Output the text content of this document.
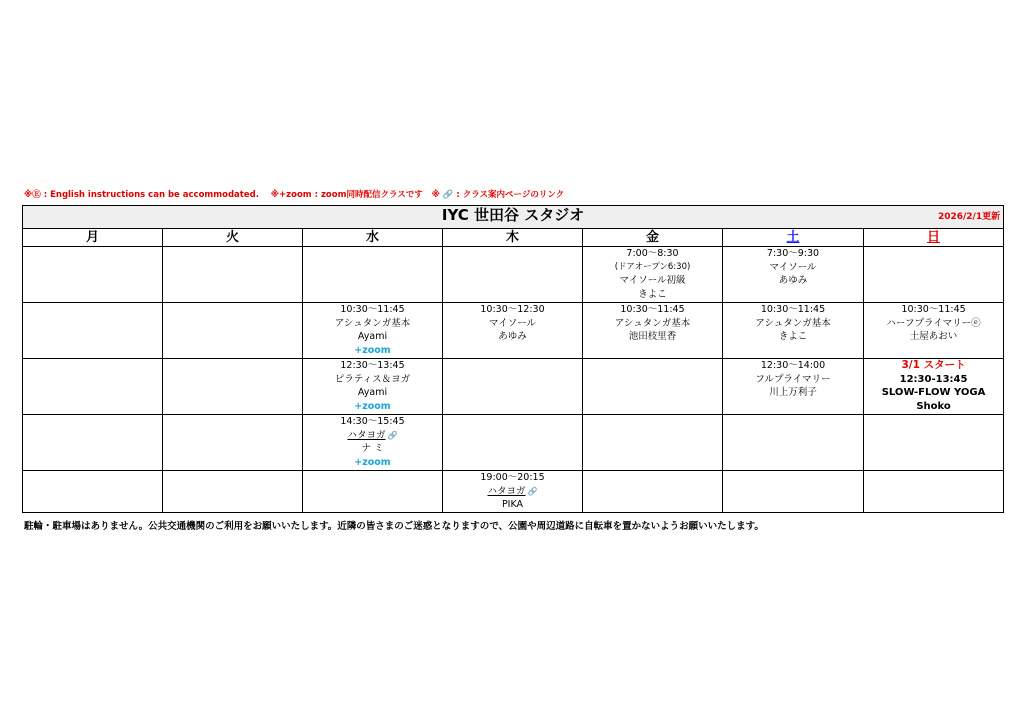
※Ⓔ : English instructions can be accommodated. ※+zoom : zoom同時配信クラスです ※ 🔗 : クラス案内ページのリンク
IYC 世田谷 スタジオ 2026/2/1更新						

月	火	水	木	金	土	日

				7:00～8:30
(ドアオープン6:30)
マイソール初級
きよこ	7:30～9:30
マイソール
あゆみ	

		10:30～11:45
アシュタンガ基本
Ayami
+zoom	10:30～12:30
マイソール
あゆみ	10:30～11:45
アシュタンガ基本
池田枝里香	10:30～11:45
アシュタンガ基本
きよこ	10:30～11:45
ハーフプライマリーⓔ
土屋あおい

		12:30～13:45
ピラティス＆ヨガ
Ayami
+zoom			12:30～14:00
フルプライマリー
川上万利子	3/1 スタート
12:30-13:45
SLOW-FLOW YOGA
Shoko

		14:30～15:45
ハタヨガ 🔗
ナ ミ
+zoom				

			19:00～20:15
ハタヨガ 🔗
PIKA			

駐輪・駐車場はありません。公共交通機関のご利用をお願いいたします。近隣の皆さまのご迷惑となりますので、公園や周辺道路に自転車を置かないようお願いいたします。
